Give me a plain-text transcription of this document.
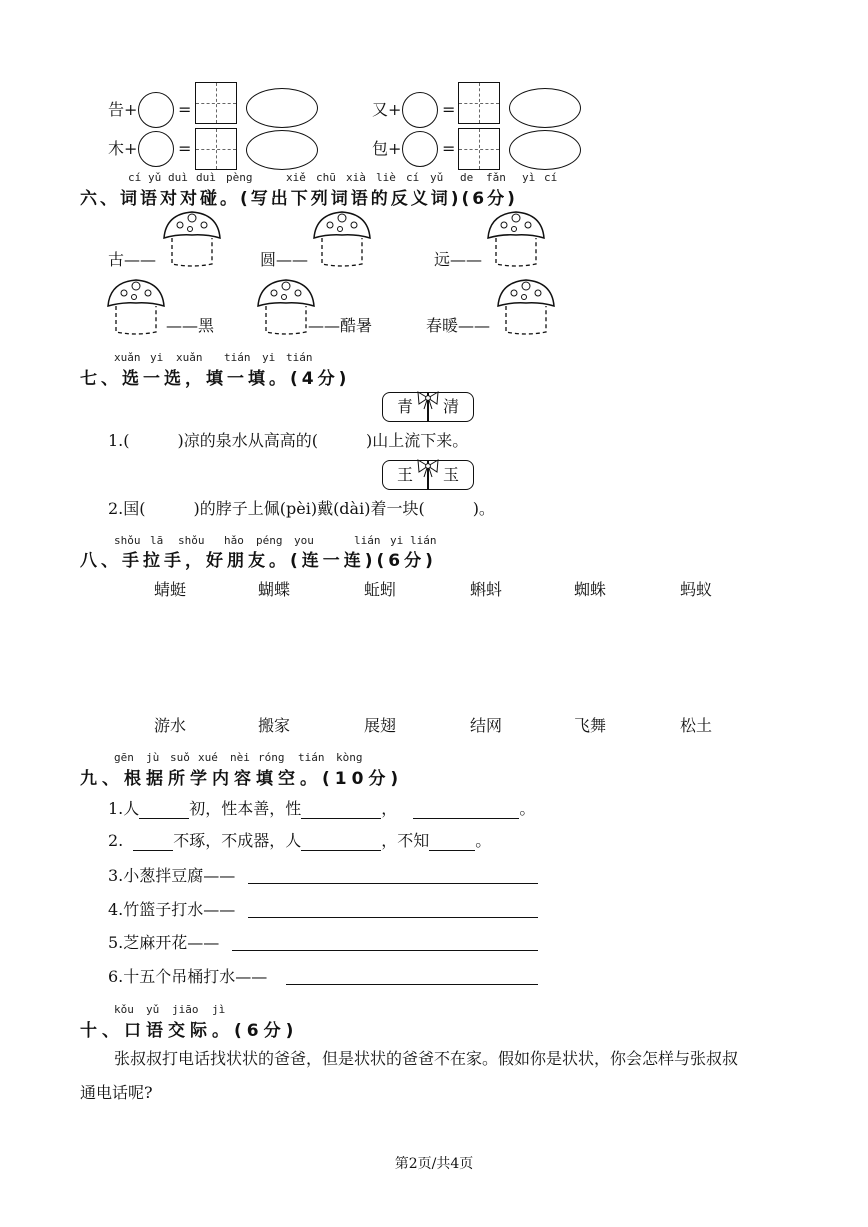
告+	=	又+	=
木+	=	包+	=
cí yǔ duì duì pèng	xiě chū xià liè cí yǔ de fǎn yì cí
六、词语对对碰。(写出下列词语的反义词)(6分)
古——	圆——	远——
——黑	——酷暑	春暖——
xuǎn yi xuǎn tián yi tián
七、选一选，填一填。(4分)
青	清
1.(　　　)凉的泉水从高高的(　　　)山上流下来。
王	玉
2.国(　　　)的脖子上佩(pèi)戴(dài)着一块(　　　)。
shǒu lā shǒu hǎo péng you	lián yi lián
八、手拉手，好朋友。(连一连)(6分)
蜻蜓	蝴蝶	蚯蚓	蝌蚪	蜘蛛	蚂蚁
游水	搬家	展翅	结网	飞舞	松土
gēn jù suǒ xué nèi róng tián kòng
九、根据所学内容填空。(10分)
1.人	初，性本善，性	，	。
2.	不琢，不成器，人	，不知	。
3.小葱拌豆腐——
4.竹篮子打水——
5.芝麻开花——
6.十五个吊桶打水——
kǒu yǔ jiāo jì
十、口语交际。(6分)
张叔叔打电话找状状的爸爸，但是状状的爸爸不在家。假如你是状状，你会怎样与张叔叔
通电话呢?
第2页/共4页
